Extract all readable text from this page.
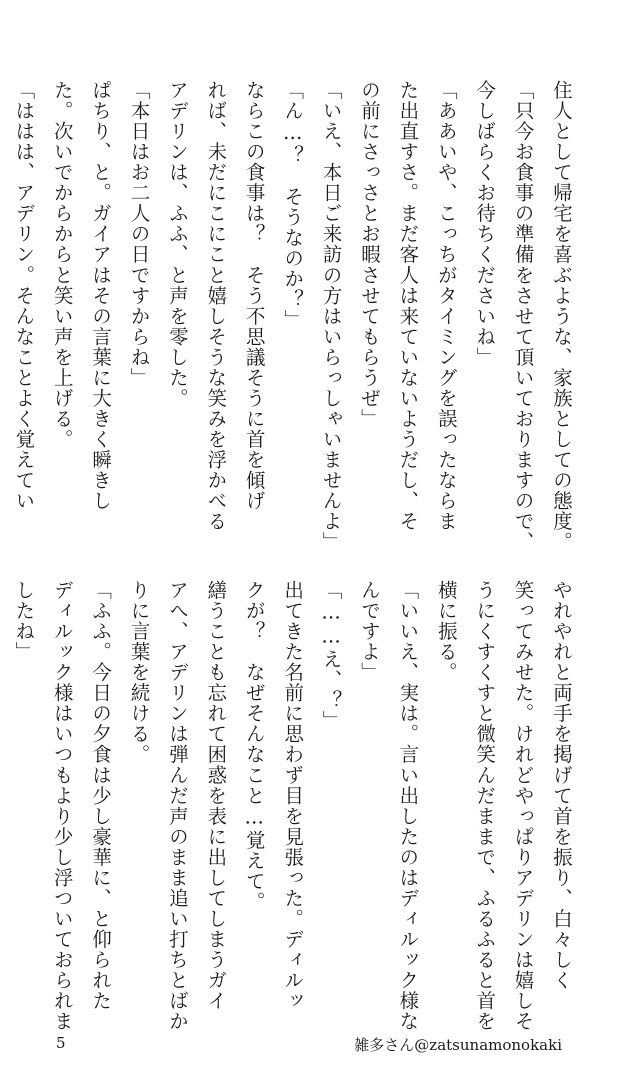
住人として帰宅を喜ぶような、家族としての態度。
「只今お食事の準備をさせて頂いておりますので、
今しばらくお待ちくださいね」
「ああいや、こっちがタイミングを誤ったならま
た出直すさ。まだ客人は来ていないようだし、そ
の前にさっさとお暇させてもらうぜ」
「いえ、本日ご来訪の方はいらっしゃいませんよ」
「ん…？　そうなのか？」
ならこの食事は？　そう不思議そうに首を傾げ
れば、未だにこにこと嬉しそうな笑みを浮かべる
アデリンは、ふふ、と声を零した。
「本日はお二人の日ですからね」
ぱちり、と。ガイアはその言葉に大きく瞬きし
た。次いでからからと笑い声を上げる。
「ははは、アデリン。そんなことよく覚えてい
やれやれと両手を掲げて首を振り、白々しく
笑ってみせた。けれどやっぱりアデリンは嬉しそ
うにくすくすと微笑んだままで、ふるふると首を
横に振る。
「いいえ、実は。言い出したのはディルック様な
んですよ」
「……え、？」
出てきた名前に思わず目を見張った。ディルッ
クが？　なぜそんなこと…覚えて。
繕うことも忘れて困惑を表に出してしまうガイ
アへ、アデリンは弾んだ声のまま追い打ちとばか
りに言葉を続ける。
「ふふ。今日の夕食は少し豪華に、と仰られた
ディルック様はいつもより少し浮ついておられま
したね」
5	雑多さん@zatsunamonokaki
